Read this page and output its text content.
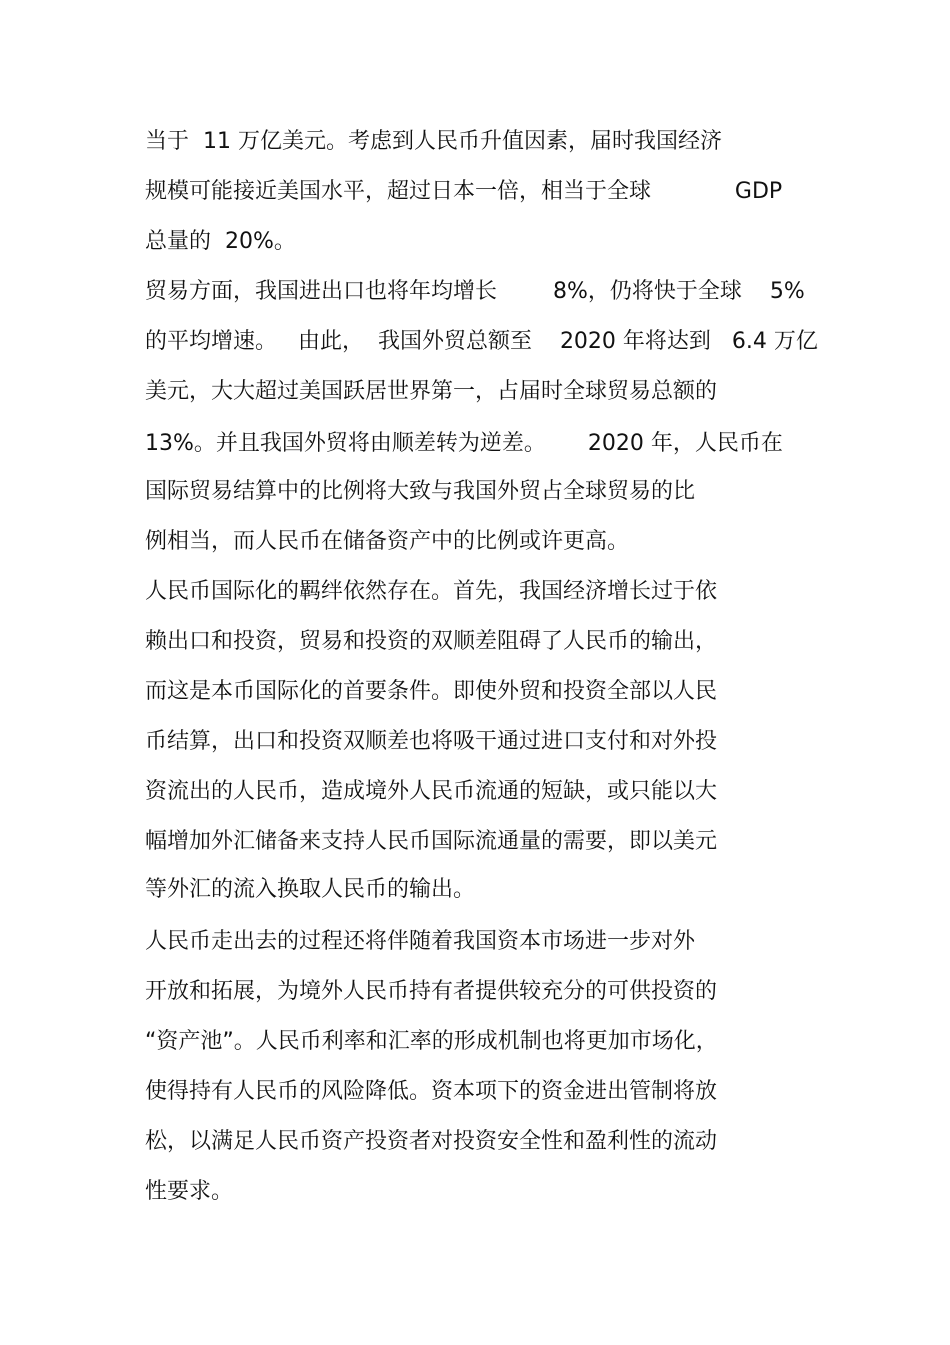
当于  11 万亿美元。考虑到人民币升值因素，届时我国经济
规模可能接近美国水平，超过日本一倍，相当于全球            GDP
总量的  20%。
贸易方面，我国进出口也将年均增长        8%，仍将快于全球    5%
的平均增速。   由此，  我国外贸总额至    2020 年将达到   6.4 万亿
美元，大大超过美国跃居世界第一，占届时全球贸易总额的
13%。并且我国外贸将由顺差转为逆差。      2020 年，人民币在
国际贸易结算中的比例将大致与我国外贸占全球贸易的比
例相当，而人民币在储备资产中的比例或许更高。
人民币国际化的羁绊依然存在。首先，我国经济增长过于依
赖出口和投资，贸易和投资的双顺差阻碍了人民币的输出，
而这是本币国际化的首要条件。即使外贸和投资全部以人民
币结算，出口和投资双顺差也将吸干通过进口支付和对外投
资流出的人民币，造成境外人民币流通的短缺，或只能以大
幅增加外汇储备来支持人民币国际流通量的需要，即以美元
等外汇的流入换取人民币的输出。
人民币走出去的过程还将伴随着我国资本市场进一步对外
开放和拓展，为境外人民币持有者提供较充分的可供投资的
“资产池”。人民币利率和汇率的形成机制也将更加市场化，
使得持有人民币的风险降低。资本项下的资金进出管制将放
松，以满足人民币资产投资者对投资安全性和盈利性的流动
性要求。
